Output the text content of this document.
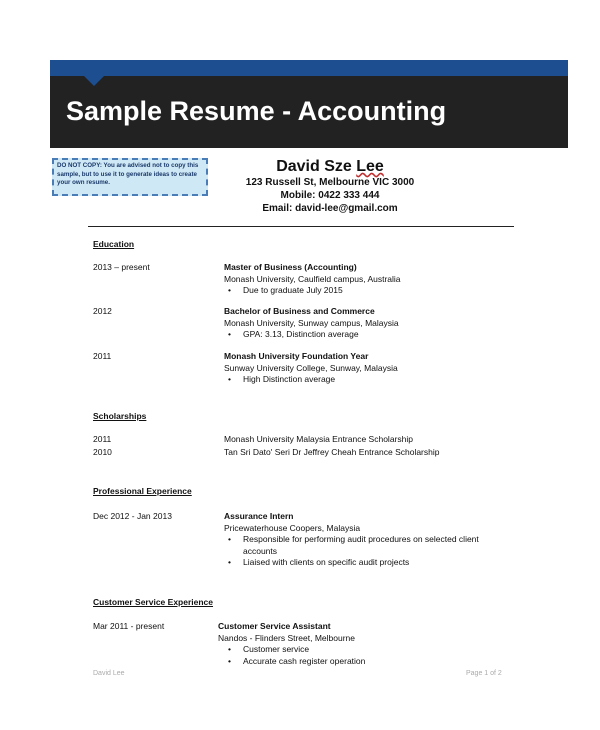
Sample Resume - Accounting
DO NOT COPY: You are advised not to copy this sample, but to use it to generate ideas to create your own resume.
David Sze Lee
123 Russell St, Melbourne VIC 3000
Mobile: 0422 333 444
Email: david-lee@gmail.com
Education
2013 – present	Master of Business (Accounting)
Monash University, Caulfield campus, Australia
• Due to graduate July 2015
2012	Bachelor of Business and Commerce
Monash University, Sunway campus, Malaysia
• GPA: 3.13, Distinction average
2011	Monash University Foundation Year
Sunway University College, Sunway, Malaysia
• High Distinction average
Scholarships
2011	Monash University Malaysia Entrance Scholarship
2010	Tan Sri Dato' Seri Dr Jeffrey Cheah Entrance Scholarship
Professional Experience
Dec 2012 - Jan 2013	Assurance Intern
Pricewaterhouse Coopers, Malaysia
• Responsible for performing audit procedures on selected client accounts
• Liaised with clients on specific audit projects
Customer Service Experience
Mar 2011 - present	Customer Service Assistant
Nandos - Flinders Street, Melbourne
• Customer service
• Accurate cash register operation
David Lee	Page 1 of 2
